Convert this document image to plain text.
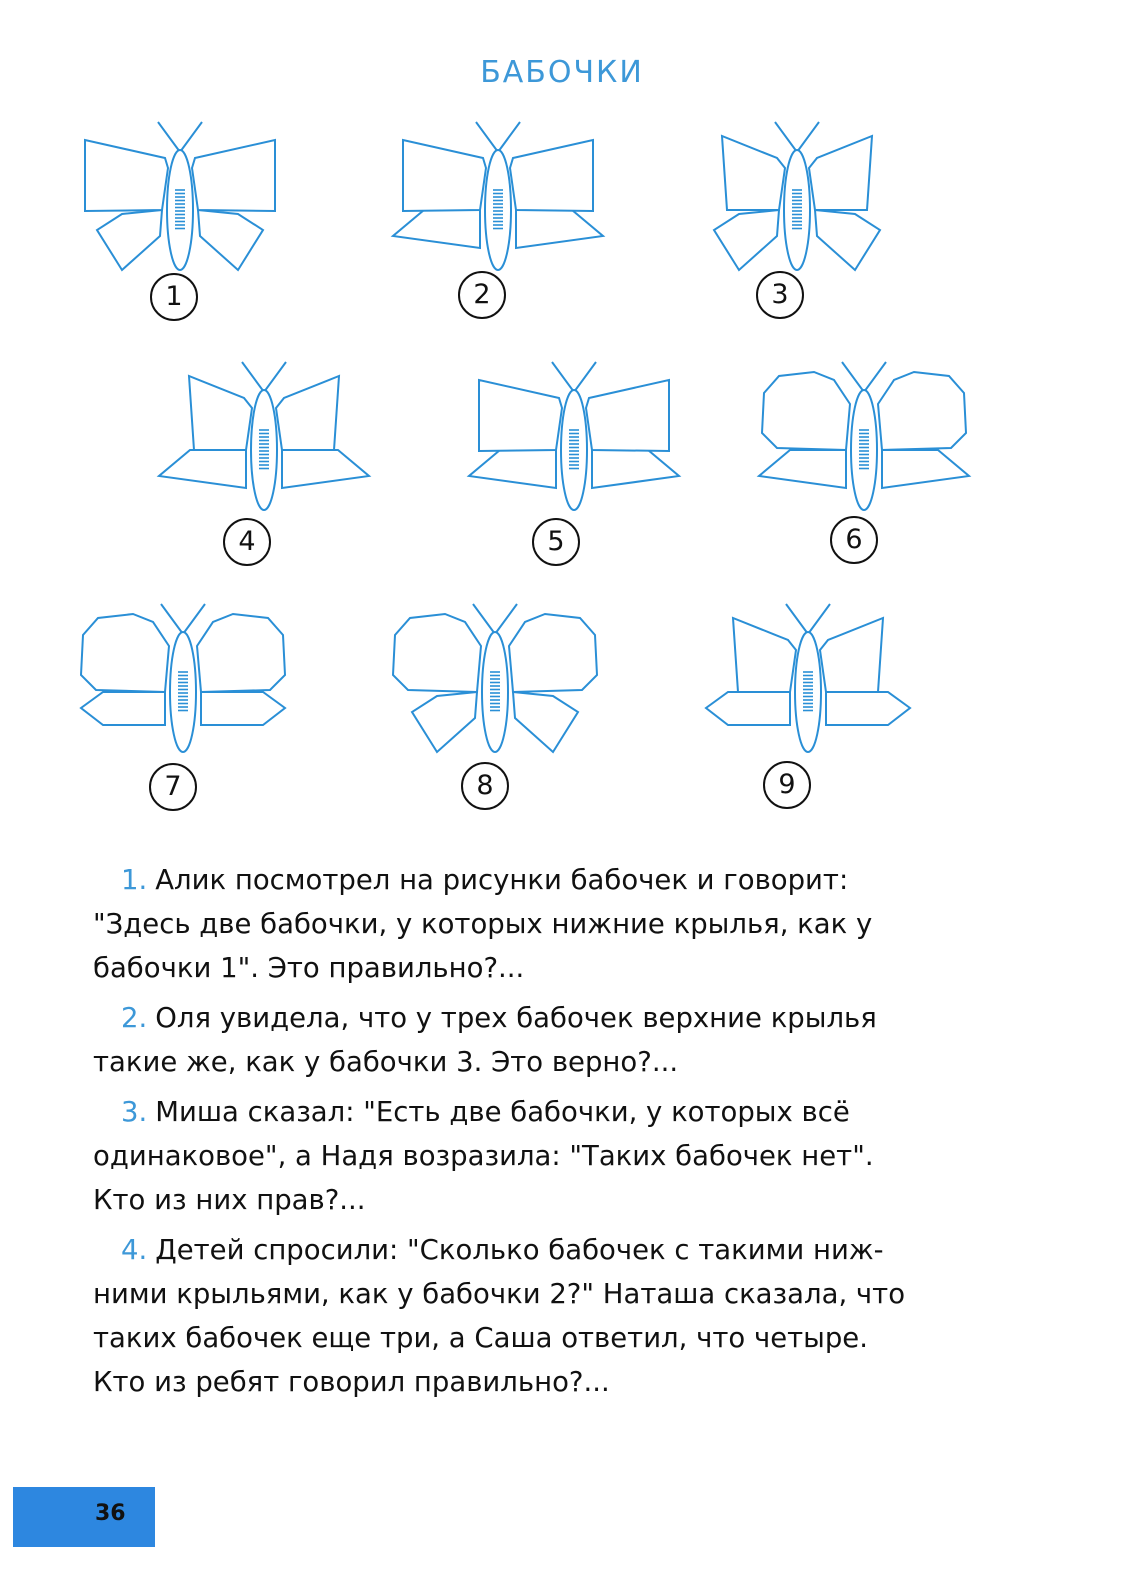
БАБОЧКИ

1. Алик посмотрел на рисунки бабочек и говорит:
"Здесь две бабочки, у которых нижние крылья, как у
бабочки 1". Это правильно?...

2. Оля увидела, что у трех бабочек верхние крылья
такие же, как у бабочки 3. Это верно?...

3. Миша сказал: "Есть две бабочки, у которых всё
одинаковое", а Надя возразила: "Таких бабочек нет".
Кто из них прав?...

4. Детей спросили: "Сколько бабочек с такими ниж-
ними крыльями, как у бабочки 2?" Наташа сказала, что
таких бабочек еще три, а Саша ответил, что четыре.
Кто из ребят говорил правильно?...

36
1	2	3
4	5	6
7	8	9
